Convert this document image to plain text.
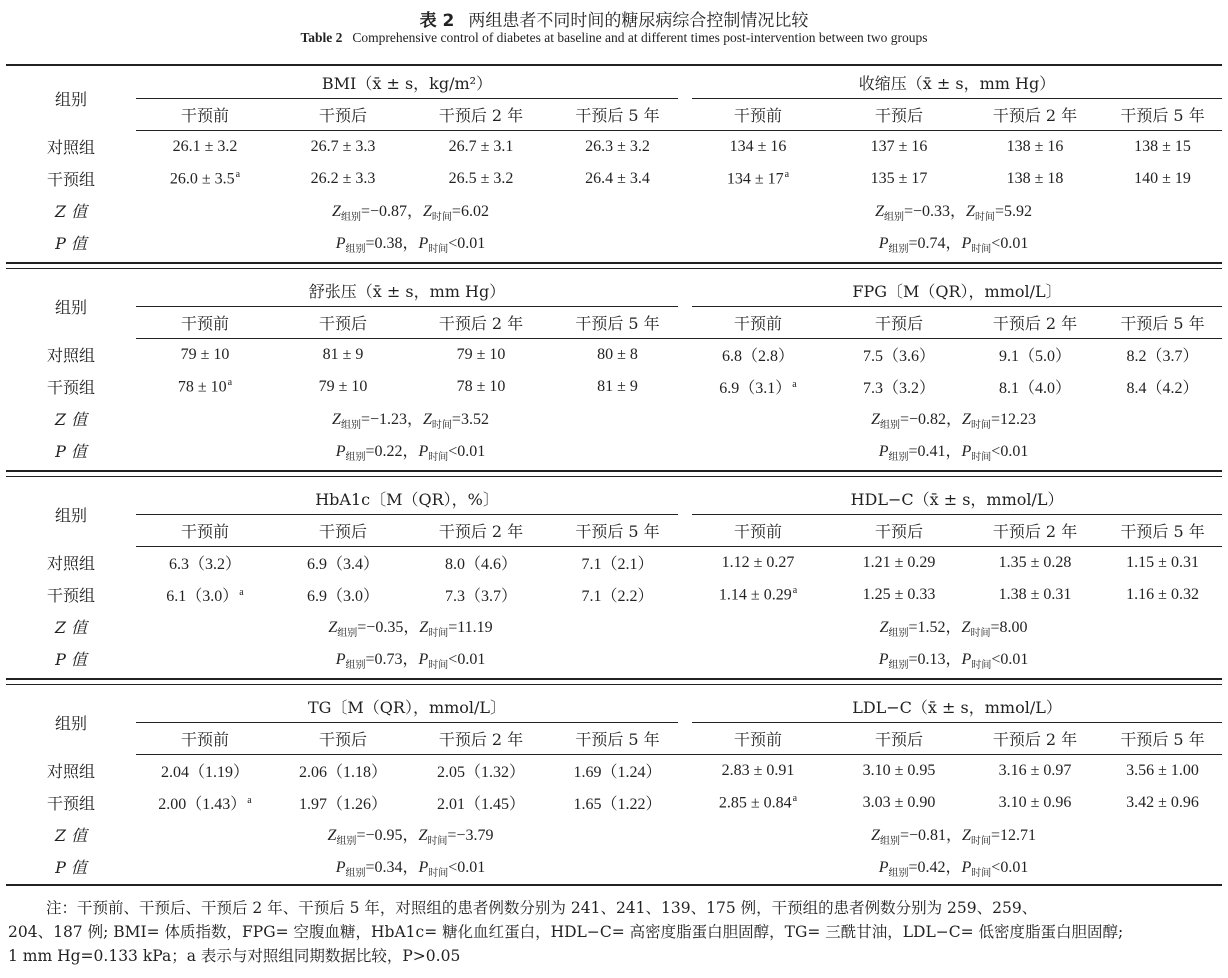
表 2 两组患者不同时间的糖尿病综合控制情况比较
Table 2 Comprehensive control of diabetes at baseline and at different times post-intervention between two groups
组别	BMI（x̄ ± s，kg/m²）				收缩压（x̄ ± s，mm Hg）			
	干预前	干预后	干预后 2 年	干预后 5 年	干预前	干预后	干预后 2 年	干预后 5 年
对照组	26.1 ± 3.2	26.7 ± 3.3	26.7 ± 3.1	26.3 ± 3.2	134 ± 16	137 ± 16	138 ± 16	138 ± 15
干预组	26.0 ± 3.5$^a$	26.2 ± 3.3	26.5 ± 3.2	26.4 ± 3.4	$134 \pm 17^a$	135 ± 17	138 ± 18	140 ± 19
Z 值	$Z_{组别}=-0.87$，$Z_{时间}=6.02$				$Z_{组别}=-0.33$，$Z_{时间}=5.92$			
P 值	$P_{组别}=0.38$，$P_{时间}<0.01$				$P_{组别}=0.74$，$P_{时间}<0.01$			
组别	舒张压（x̄ ± s，mm Hg）				FPG〔M（QR），mmol/L〕			
	干预前	干预后	干预后 2 年	干预后 5 年	干预前	干预后	干预后 2 年	干预后 5 年
对照组	79 ± 10	81 ± 9	79 ± 10	80 ± 8	6.8（2.8）	7.5（3.6）	9.1（5.0）	8.2（3.7）
干预组	$78 \pm 10^a$	79 ± 10	78 ± 10	81 ± 9	$6.9(3.1)^a$	7.3（3.2）	8.1（4.0）	8.4（4.2）
Z 值	$Z_{组别}=-1.23$，$Z_{时间}=3.52$				$Z_{组别}=-0.82$，$Z_{时间}=12.23$			
P 值	$P_{组别}=0.22$，$P_{时间}<0.01$				$P_{组别}=0.41$，$P_{时间}<0.01$			
组别	HbA1c〔M（QR），%〕				HDL−C（x̄ ± s，mmol/L）			
	干预前	干预后	干预后 2 年	干预后 5 年	干预前	干预后	干预后 2 年	干预后 5 年
对照组	6.3（3.2）	6.9（3.4）	8.0（4.6）	7.1（2.1）	1.12 ± 0.27	1.21 ± 0.29	1.35 ± 0.28	1.15 ± 0.31
干预组	$6.1(3.0)^a$	6.9（3.0）	7.3（3.7）	7.1（2.2）	1.14 ± 0.29$^a$	1.25 ± 0.33	1.38 ± 0.31	1.16 ± 0.32
Z 值	$Z_{组别}=-0.35$，$Z_{时间}=11.19$				$Z_{组别}=1.52$，$Z_{时间}=8.00$			
P 值	$P_{组别}=0.73$，$P_{时间}<0.01$				$P_{组别}=0.13$，$P_{时间}<0.01$			
组别	TG〔M（QR），mmol/L〕				LDL−C（x̄ ± s，mmol/L）			
	干预前	干预后	干预后 2 年	干预后 5 年	干预前	干预后	干预后 2 年	干预后 5 年
对照组	2.04（1.19）	2.06（1.18）	2.05（1.32）	1.69（1.24）	2.83 ± 0.91	3.10 ± 0.95	3.16 ± 0.97	3.56 ± 1.00
干预组	$2.00(1.43)^a$	1.97（1.26）	2.01（1.45）	1.65（1.22）	2.85 ± 0.84$^a$	3.03 ± 0.90	3.10 ± 0.96	3.42 ± 0.96
Z 值	$Z_{组别}=-0.95$，$Z_{时间}=-3.79$				$Z_{组别}=-0.81$，$Z_{时间}=12.71$			
P 值	$P_{组别}=0.34$，$P_{时间}<0.01$				$P_{组别}=0.42$，$P_{时间}<0.01$			
注：干预前、干预后、干预后 2 年、干预后 5 年，对照组的患者例数分别为 241、241、139、175 例，干预组的患者例数分别为 259、259、
204、187 例; BMI= 体质指数，FPG= 空腹血糖，HbA1c= 糖化血红蛋白，HDL−C= 高密度脂蛋白胆固醇，TG= 三酰甘油，LDL−C= 低密度脂蛋白胆固醇;
1 mm Hg=0.133 kPa；a 表示与对照组同期数据比较，P>0.05
